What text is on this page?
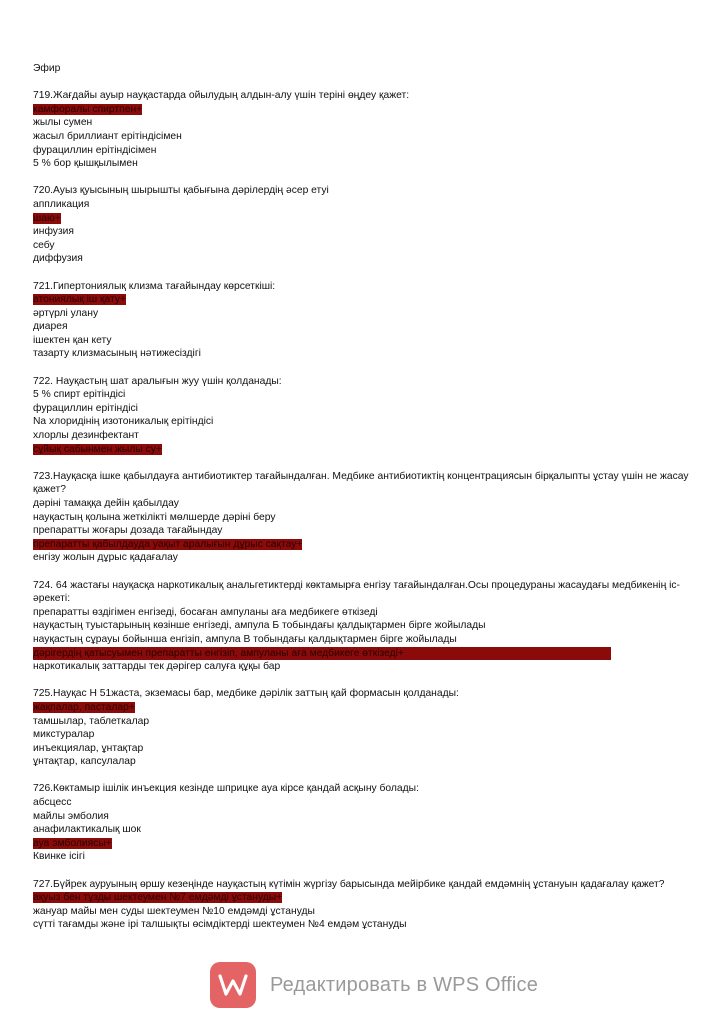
Эфир
719.Жағдайы ауыр науқастарда ойылудың алдын-алу үшін теріні өңдеу қажет:
камфоралы спиртпен+
жылы сумен
жасыл бриллиант ерітіндісімен
фурациллин ерітіндісімен
5 % бор қышқылымен
720.Ауыз қуысының шырышты қабығына дәрілердің әсер етуі
аппликация
шаю+
инфузия
себу
диффузия
721.Гипертониялық клизма тағайындау көрсеткіші:
атониялық іш қату+
әртүрлі улану
диарея
ішектен қан кету
тазарту клизмасының нәтижесіздігі
722. Науқастың шат аралығын жуу үшін қолданады:
5 % спирт ерітіндісі
фурациллин ерітіндісі
Na хлоридінің изотоникалық ерітіндісі
хлорлы дезинфектант
сұйық сабынмен жылы су+
723.Науқасқа ішке қабылдауға антибиотиктер тағайындалған. Медбике антибиотиктің концентрациясын бірқалыпты ұстау үшін не жасау қажет?
дәріні тамаққа дейін қабылдау
науқастың қолына жеткілікті мөлшерде дәріні беру
препаратты жоғары дозада тағайындау
препаратты қабылдауда уақыт аралығын дұрыс сақтау+
енгізу жолын дұрыс қадағалау
724. 64 жастағы науқасқа наркотикалық анальгетиктерді көктамырға енгізу тағайындалған.Осы процедураны жасаудағы медбикенің іс-әрекеті:
препаратты өздігімен енгізеді, босаған ампуланы аға медбикеге өткізеді
науқастың туыстарының көзінше енгізеді, ампула Б тобындағы қалдықтармен бірге жойылады
науқастың сұрауы бойынша енгізіп, ампула В тобындағы қалдықтармен бірге жойылады
дәрігердің қатысуымен препаратты енгізіп, ампуланы аға медбикеге өткізеді+
наркотикалық заттарды тек дәрігер салуға құқы бар
725.Науқас Н 51жаста, экземасы бар, медбике дәрілік заттың қай формасын қолданады:
жақпалар, пасталар+
тамшылар, таблеткалар
микстуралар
инъекциялар, ұнтақтар
ұнтақтар, капсулалар
726.Көктамыр ішілік инъекция кезінде шприцке ауа кірсе қандай асқыну болады:
абсцесс
майлы эмболия
анафилактикалық шок
ауа эмболиясы+
Квинке ісігі
727.Бүйрек ауруының өршу кезеңінде науқастың күтімін жүргізу барысында мейірбике қандай емдәмнің ұстануын қадағалау қажет?
ақуыз бен тұзды шектеумен №7 емдәмді ұстануды+
жануар майы мен суды шектеумен №10 емдәмді ұстануды
сүтті тағамды және ірі талшықты өсімдіктерді шектеумен №4 емдәм ұстануды
Редактировать в WPS Office
